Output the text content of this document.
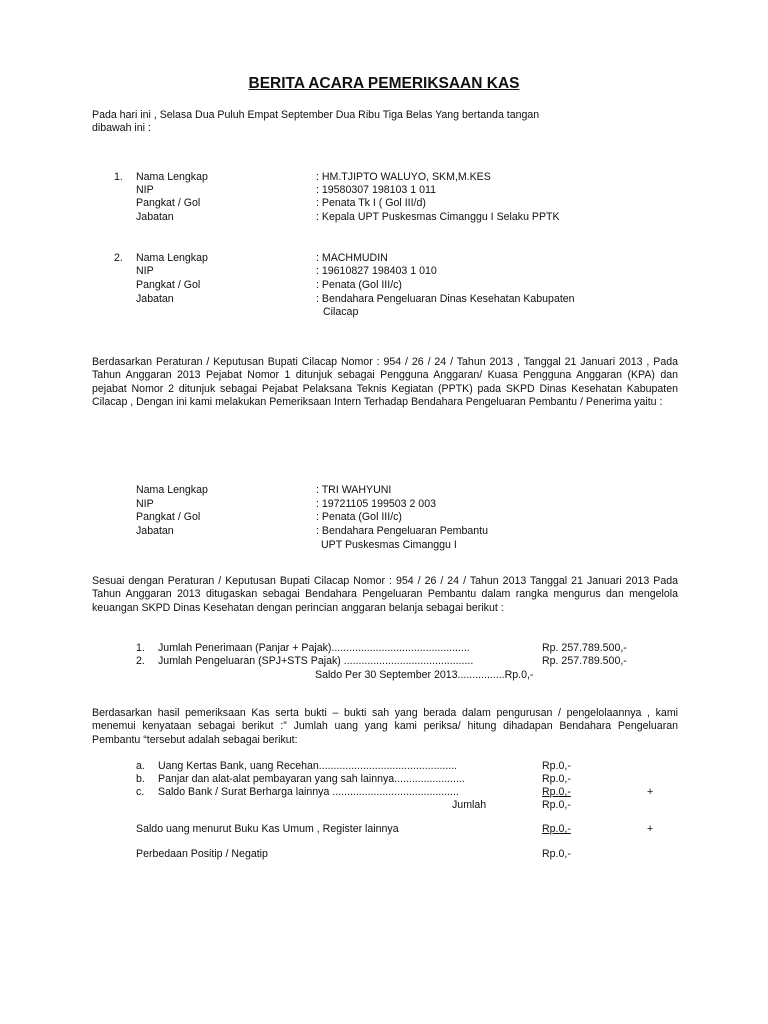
BERITA ACARA PEMERIKSAAN KAS
Pada hari ini , Selasa Dua Puluh Empat September Dua Ribu Tiga Belas Yang bertanda tangan
dibawah ini :
1. Nama Lengkap	: HM.TJIPTO WALUYO, SKM,M.KES
NIP	: 19580307 198103 1 011
Pangkat / Gol	: Penata Tk I ( Gol III/d)
Jabatan	: Kepala UPT Puskesmas Cimanggu I Selaku PPTK
2. Nama Lengkap	: MACHMUDIN
NIP	: 19610827 198403 1 010
Pangkat / Gol	: Penata (Gol III/c)
Jabatan	: Bendahara Pengeluaran Dinas Kesehatan Kabupaten
Cilacap
Berdasarkan Peraturan / Keputusan Bupati Cilacap Nomor : 954 / 26 / 24 / Tahun 2013 , Tanggal 21 Januari 2013 , Pada Tahun Anggaran 2013 Pejabat Nomor 1 ditunjuk sebagai Pengguna Anggaran/ Kuasa Pengguna Anggaran (KPA) dan pejabat Nomor 2 ditunjuk sebagai Pejabat Pelaksana Teknis Kegiatan (PPTK) pada SKPD Dinas Kesehatan Kabupaten Cilacap , Dengan ini kami melakukan Pemeriksaan Intern Terhadap Bendahara Pengeluaran Pembantu / Penerima yaitu :
Nama Lengkap	: TRI WAHYUNI
NIP	: 19721105 199503 2 003
Pangkat / Gol	: Penata (Gol III/c)
Jabatan	: Bendahara Pengeluaran Pembantu
UPT Puskesmas Cimanggu I
Sesuai dengan Peraturan / Keputusan Bupati Cilacap Nomor : 954 / 26 / 24 / Tahun 2013 Tanggal 21 Januari 2013 Pada Tahun Anggaran 2013 ditugaskan sebagai Bendahara Pengeluaran Pembantu dalam rangka mengurus dan mengelola keuangan SKPD Dinas Kesehatan dengan perincian anggaran belanja sebagai berikut :
1. Jumlah Penerimaan (Panjar + Pajak)...............................................	Rp. 257.789.500,-
2. Jumlah Pengeluaran (SPJ+STS Pajak) ............................................	Rp. 257.789.500,-
Saldo Per 30 September 2013................Rp.0,-
Berdasarkan hasil pemeriksaan Kas serta bukti – bukti sah yang berada dalam pengurusan / pengelolaannya , kami menemui kenyataan sebagai berikut :” Jumlah uang yang kami periksa/ hitung dihadapan Bendahara Pengeluaran Pembantu “tersebut adalah sebagai berikut:
a. Uang Kertas Bank, uang Recehan...............................................	Rp.0,-
b. Panjar dan alat-alat pembayaran yang sah lainnya........................	Rp.0,-
c. Saldo Bank / Surat Berharga lainnya ...........................................	Rp.0,-	+
Jumlah	Rp.0,-
Saldo uang menurut Buku Kas Umum , Register lainnya	Rp.0,-	+
Perbedaan Positip / Negatip	Rp.0,-
